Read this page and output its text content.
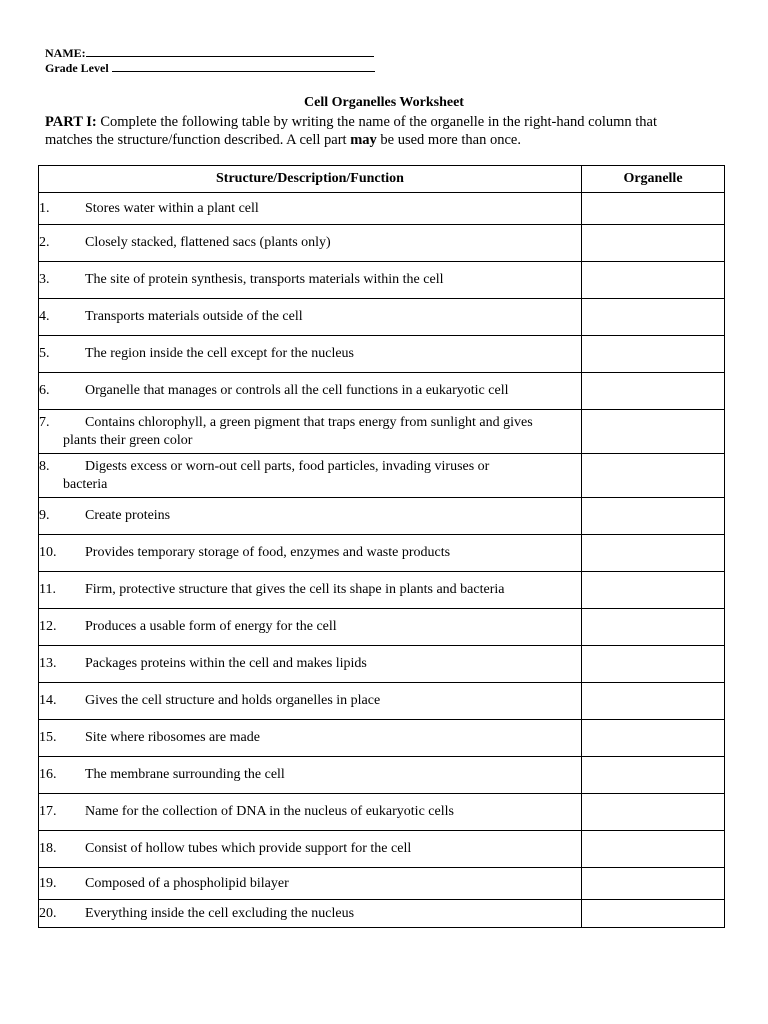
NAME:
Grade Level
Cell Organelles Worksheet
PART I: Complete the following table by writing the name of the organelle in the right-hand column that matches the structure/function described. A cell part may be used more than once.
Structure/Description/Function	Organelle
1. Stores water within a plant cell	
2. Closely stacked, flattened sacs (plants only)	
3. The site of protein synthesis, transports materials within the cell	
4. Transports materials outside of the cell	
5. The region inside the cell except for the nucleus	
6. Organelle that manages or controls all the cell functions in a eukaryotic cell	
7. Contains chlorophyll, a green pigment that traps energy from sunlight and gives
plants their green color	

8. Digests excess or worn-out cell parts, food particles, invading viruses or
bacteria	

9. Create proteins	
10. Provides temporary storage of food, enzymes and waste products	
11. Firm, protective structure that gives the cell its shape in plants and bacteria	
12. Produces a usable form of energy for the cell	
13. Packages proteins within the cell and makes lipids	
14. Gives the cell structure and holds organelles in place	
15. Site where ribosomes are made	
16. The membrane surrounding the cell	
17. Name for the collection of DNA in the nucleus of eukaryotic cells	
18. Consist of hollow tubes which provide support for the cell	
19. Composed of a phospholipid bilayer	
20. Everything inside the cell excluding the nucleus	
